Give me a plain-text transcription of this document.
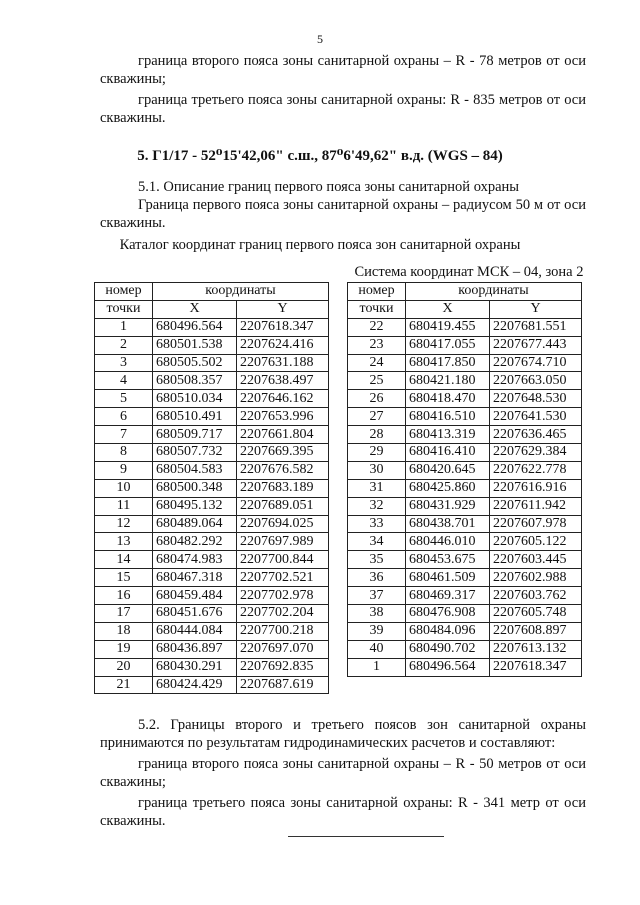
5
граница второго пояса зоны санитарной охраны – R - 78 метров от оси скважины;
граница третьего пояса зоны санитарной охраны: R - 835 метров от оси скважины.
5. Г1/17 - 52⁰15'42,06" с.ш., 87⁰6'49,62" в.д. (WGS – 84)
5.1. Описание границ первого пояса зоны санитарной охраны
Граница первого пояса зоны санитарной охраны – радиусом 50 м от оси скважины.
Каталог координат границ первого пояса зон санитарной охраны
Система координат МСК – 04, зона 2
номер	координаты	
точки	X	Y
1	680496.564	2207618.347
2	680501.538	2207624.416
3	680505.502	2207631.188
4	680508.357	2207638.497
5	680510.034	2207646.162
6	680510.491	2207653.996
7	680509.717	2207661.804
8	680507.732	2207669.395
9	680504.583	2207676.582
10	680500.348	2207683.189
11	680495.132	2207689.051
12	680489.064	2207694.025
13	680482.292	2207697.989
14	680474.983	2207700.844
15	680467.318	2207702.521
16	680459.484	2207702.978
17	680451.676	2207702.204
18	680444.084	2207700.218
19	680436.897	2207697.070
20	680430.291	2207692.835
21	680424.429	2207687.619
номер	координаты	
точки	X	Y
22	680419.455	2207681.551
23	680417.055	2207677.443
24	680417.850	2207674.710
25	680421.180	2207663.050
26	680418.470	2207648.530
27	680416.510	2207641.530
28	680413.319	2207636.465
29	680416.410	2207629.384
30	680420.645	2207622.778
31	680425.860	2207616.916
32	680431.929	2207611.942
33	680438.701	2207607.978
34	680446.010	2207605.122
35	680453.675	2207603.445
36	680461.509	2207602.988
37	680469.317	2207603.762
38	680476.908	2207605.748
39	680484.096	2207608.897
40	680490.702	2207613.132
1	680496.564	2207618.347
5.2. Границы второго и третьего поясов зон санитарной охраны принимаются по результатам гидродинамических расчетов и составляют:
граница второго пояса зоны санитарной охраны – R - 50 метров от оси скважины;
граница третьего пояса зоны санитарной охраны: R - 341 метр от оси скважины.
